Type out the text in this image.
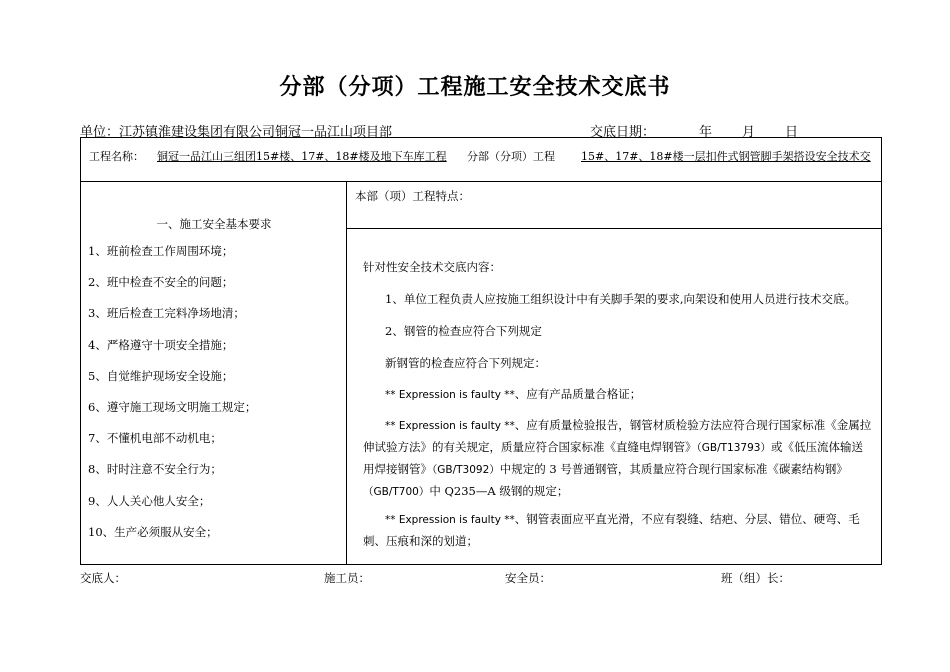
分部（分项）工程施工安全技术交底书
单位：江苏镇淮建设集团有限公司铜冠一品江山项目部	交底日期：	年 月 日
工程名称： 铜冠一品江山三组团15#楼、17#、18#楼及地下车库工程 分部（分项）工程 15#、17#、18#楼一层扣件式钢管脚手架搭设安全技术交
一、施工安全基本要求
1、班前检查工作周围环境；
2、班中检查不安全的问题；
3、班后检查工完料净场地清；
4、严格遵守十项安全措施；
5、自觉维护现场安全设施；
6、遵守施工现场文明施工规定；
7、不懂机电部不动机电；
8、时时注意不安全行为；
9、人人关心他人安全；
10、生产必须服从安全；
本部（项）工程特点：
针对性安全技术交底内容：
1、单位工程负责人应按施工组织设计中有关脚手架的要求,向架设和使用人员进行技术交底。
2、钢管的检查应符合下列规定
新钢管的检查应符合下列规定：
** Expression is faulty **、应有产品质量合格证；
** Expression is faulty **、应有质量检验报告，钢管材质检验方法应符合现行国家标准《金属拉伸试验方法》的有关规定，质量应符合国家标准《直缝电焊钢管》（GB/T13793）或《低压流体输送用焊接钢管》（GB/T3092）中规定的 3 号普通钢管，其质量应符合现行国家标准《碳素结构钢》（GB/T700）中 Q235—A 级钢的规定；
** Expression is faulty **、钢管表面应平直光滑，不应有裂缝、结疤、分层、错位、硬弯、毛刺、压痕和深的划道；
交底人：	施工员：	安全员：	班（组）长：
